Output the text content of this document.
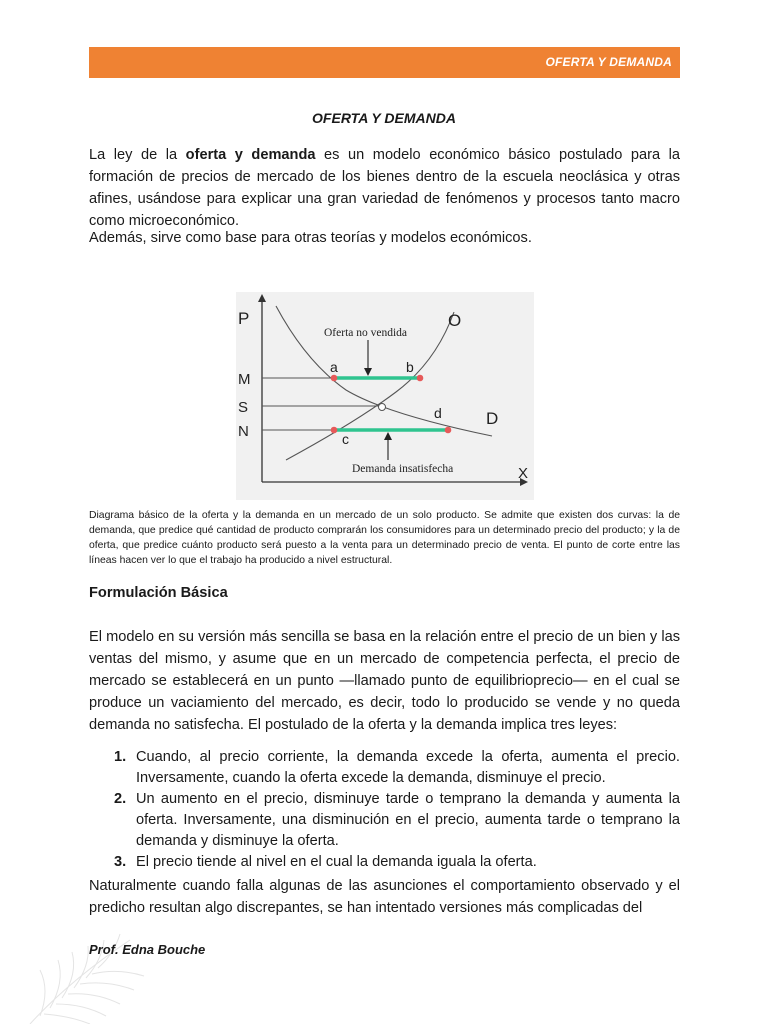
OFERTA Y DEMANDA
OFERTA Y DEMANDA
La ley de la oferta y demanda es un modelo económico básico postulado para la formación de precios de mercado de los bienes dentro de la escuela neoclásica y otras afines, usándose para explicar una gran variedad de fenómenos y procesos tanto macro como microeconómico.
Además, sirve como base para otras teorías y modelos económicos.
P
X
M
S
N
O
D
a	b
c
d
Oferta no vendida
Demanda insatisfecha
Diagrama básico de la oferta y la demanda en un mercado de un solo producto. Se admite que existen dos curvas: la de demanda, que predice qué cantidad de producto comprarán los consumidores para un determinado precio del producto; y la de oferta, que predice cuánto producto será puesto a la venta para un determinado precio de venta. El punto de corte entre las líneas hacen ver lo que el trabajo ha producido a nivel estructural.
Formulación Básica
El modelo en su versión más sencilla se basa en la relación entre el precio de un bien y las ventas del mismo, y asume que en un mercado de competencia perfecta, el precio de mercado se establecerá en un punto —llamado punto de equilibrioprecio— en el cual se produce un vaciamiento del mercado, es decir, todo lo producido se vende y no queda demanda no satisfecha. El postulado de la oferta y la demanda implica tres leyes:
1. Cuando, al precio corriente, la demanda excede la oferta, aumenta el precio. Inversamente, cuando la oferta excede la demanda, disminuye el precio.
2. Un aumento en el precio, disminuye tarde o temprano la demanda y aumenta la oferta. Inversamente, una disminución en el precio, aumenta tarde o temprano la demanda y disminuye la oferta.
3. El precio tiende al nivel en el cual la demanda iguala la oferta.
Naturalmente cuando falla algunas de las asunciones el comportamiento observado y el predicho resultan algo discrepantes, se han intentado versiones más complicadas del
Prof. Edna Bouche
